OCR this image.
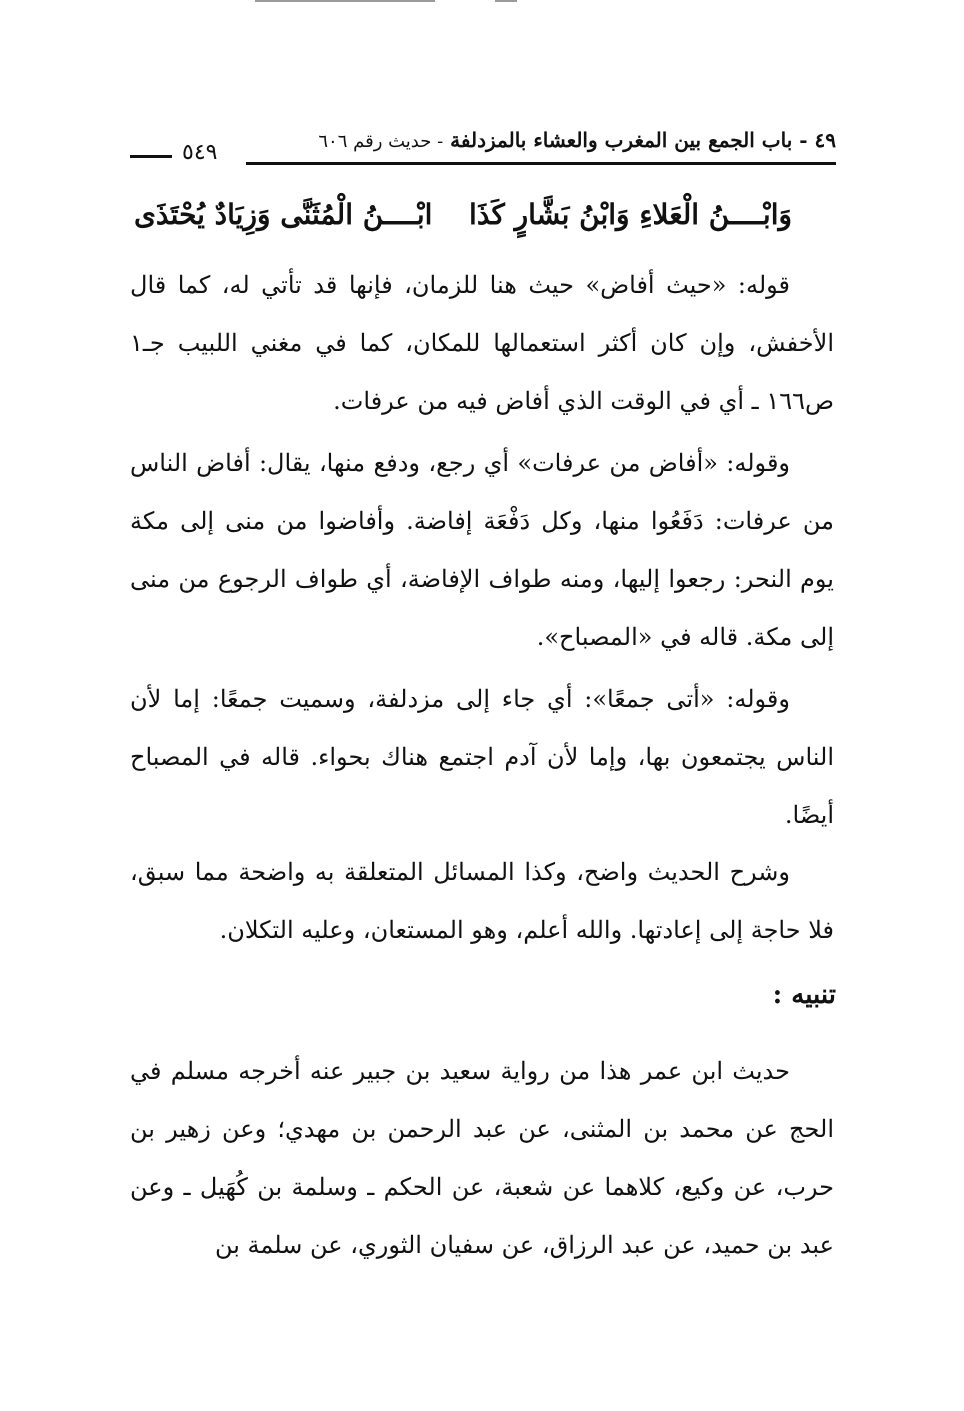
٤٩ - باب الجمع بين المغرب والعشاء بالمزدلفة - حديث رقم ٦٠٦
٥٤٩
وَابْــــنُ الْعَلاءِ وَابْنُ بَشَّارٍ كَذَا
ابْــــنُ الْمُثَنَّى وَزِيَادٌ يُحْتَذَى

قوله: «حيث أفاض» حيث هنا للزمان، فإنها قد تأتي له، كما قال الأخفش، وإن كان أكثر استعمالها للمكان، كما في مغني اللبيب جـ١ ص١٦٦ ـ أي في الوقت الذي أفاض فيه من عرفات.

وقوله: «أفاض من عرفات» أي رجع، ودفع منها، يقال: أفاض الناس من عرفات: دَفَعُوا منها، وكل دَفْعَة إفاضة. وأفاضوا من منى إلى مكة يوم النحر: رجعوا إليها، ومنه طواف الإفاضة، أي طواف الرجوع من منى إلى مكة. قاله في «المصباح».

وقوله: «أتى جمعًا»: أي جاء إلى مزدلفة، وسميت جمعًا: إما لأن الناس يجتمعون بها، وإما لأن آدم اجتمع هناك بحواء. قاله في المصباح أيضًا.

وشرح الحديث واضح، وكذا المسائل المتعلقة به واضحة مما سبق، فلا حاجة إلى إعادتها. والله أعلم، وهو المستعان، وعليه التكلان.

تنبيه :

حديث ابن عمر هذا من رواية سعيد بن جبير عنه أخرجه مسلم في الحج عن محمد بن المثنى، عن عبد الرحمن بن مهدي؛ وعن زهير بن حرب، عن وكيع، كلاهما عن شعبة، عن الحكم ـ وسلمة بن كُهَيل ـ وعن عبد بن حميد، عن عبد الرزاق، عن سفيان الثوري، عن سلمة بن
